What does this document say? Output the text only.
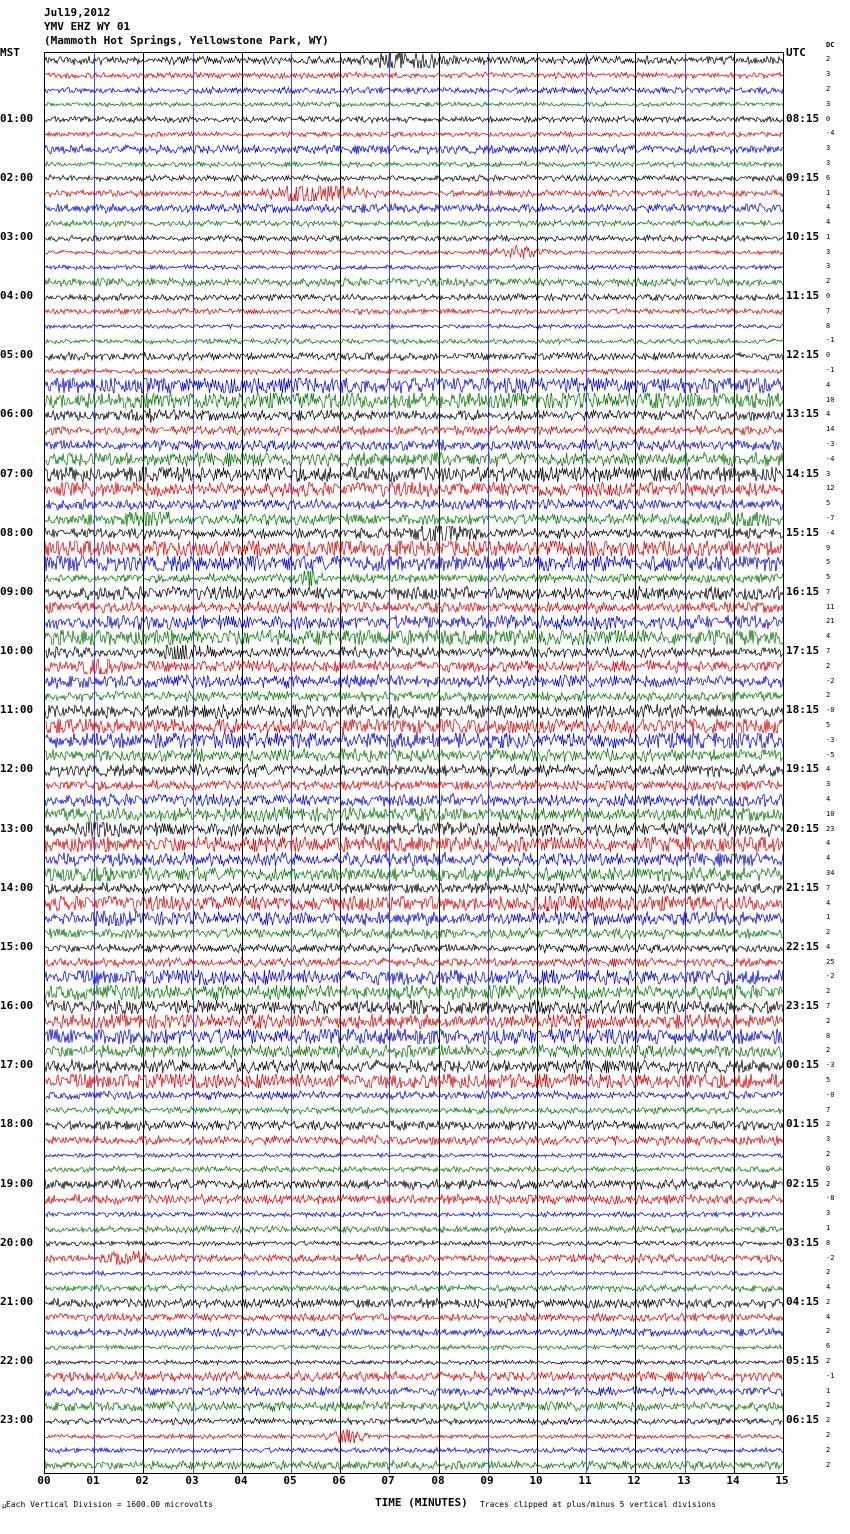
Jul19,2012
YMV EHZ WY 01
(Mammoth Hot Springs, Yellowstone Park, WY)
MST	UTC
DC
00	01	02	03	04	05	06	07	08	09	10	11	12	13	14	15
μ Each Vertical Division = 1600.00 microvolts	TIME (MINUTES) Traces clipped at plus/minus 5 vertical divisions
2
3
2
3
01:00	08:15 0
-4
3
3
02:00	09:15 6
1
4
4
03:00	10:15 1
3
3
2
04:00	11:15 0
7
8
-1
05:00	12:15 0
-1
4
10
06:00	13:15 4
14
-3
-4
07:00	14:15 3
12
5
-7
08:00	15:15 -4
9
5
5
09:00	16:15 7
11
21
4
10:00	17:15 7
2
-2
2
11:00	18:15 -0
5
-3
-5
12:00	19:15 4
3
4
10
13:00	20:15 23
4
4
34
14:00	21:15 7
4
1
2
15:00	22:15 4
25
-2
2
16:00	23:15 7
2
8
2
17:00	00:15 -3
5
-0
7
18:00	01:15 2
3
2
0
19:00	02:15 2
-8
3
1
20:00	03:15 8
-2
2
4
21:00	04:15 2
4
2
6
22:00	05:15 2
-1
1
2
23:00	06:15 2
2
2
2
